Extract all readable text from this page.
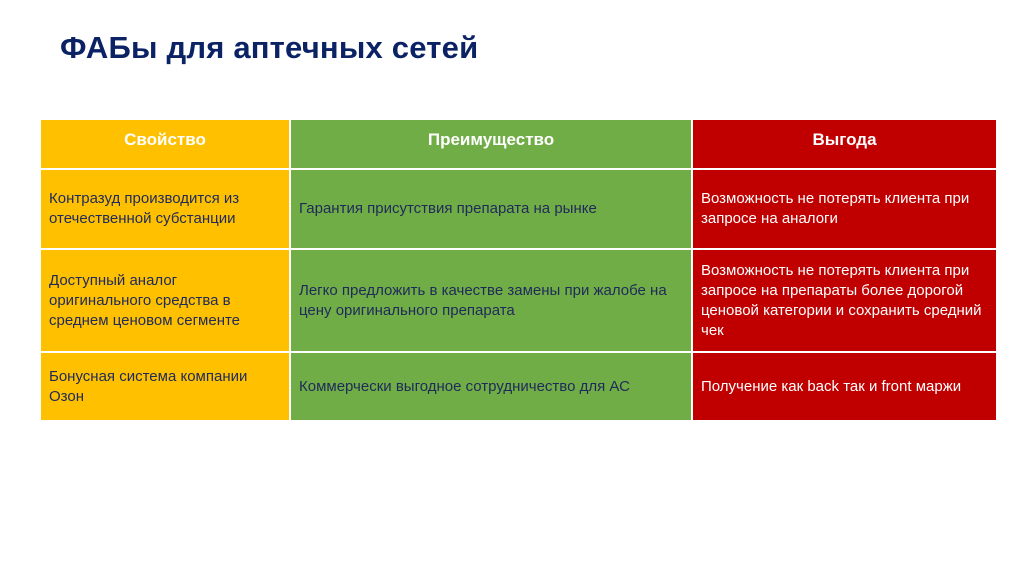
ФАБы для аптечных сетей
Свойство	Преимущество	Выгода
Контразуд производится из отечественной субстанции	Гарантия присутствия препарата на рынке	Возможность не потерять клиента при запросе на аналоги
Доступный аналог оригинального средства в среднем ценовом сегменте	Легко предложить в качестве замены при жалобе на цену оригинального препарата	Возможность не потерять клиента при запросе на препараты более дорогой ценовой категории и сохранить средний чек
Бонусная система компании Озон	Коммерчески выгодное сотрудничество для АС	Получение как back так и front маржи
